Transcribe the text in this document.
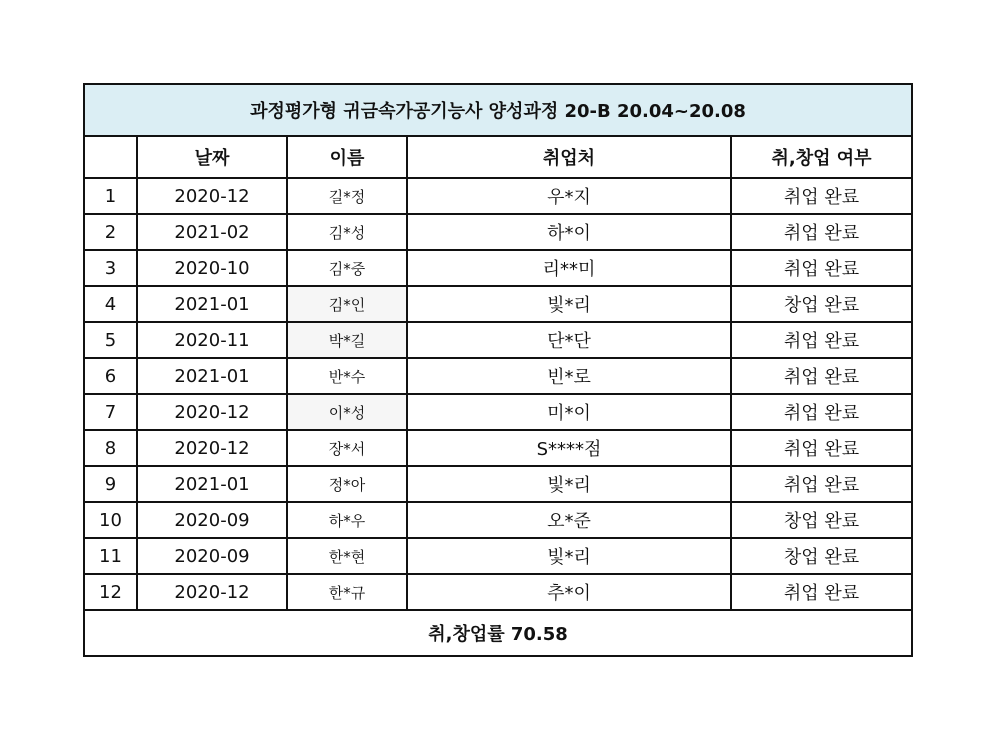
과정평가형 귀금속가공기능사 양성과정 20-B 20.04~20.08				
	날짜	이름	취업처	취,창업 여부
1	2020-12	길*정	우*지	취업 완료
2	2021-02	김*성	하*이	취업 완료
3	2020-10	김*중	리**미	취업 완료
4	2021-01	김*인	빛*리	창업 완료
5	2020-11	박*길	단*단	취업 완료
6	2021-01	반*수	빈*로	취업 완료
7	2020-12	이*성	미*이	취업 완료
8	2020-12	장*서	S****점	취업 완료
9	2021-01	정*아	빛*리	취업 완료
10	2020-09	하*우	오*준	창업 완료
11	2020-09	한*현	빛*리	창업 완료
12	2020-12	한*규	추*이	취업 완료
취,창업률 70.58				
